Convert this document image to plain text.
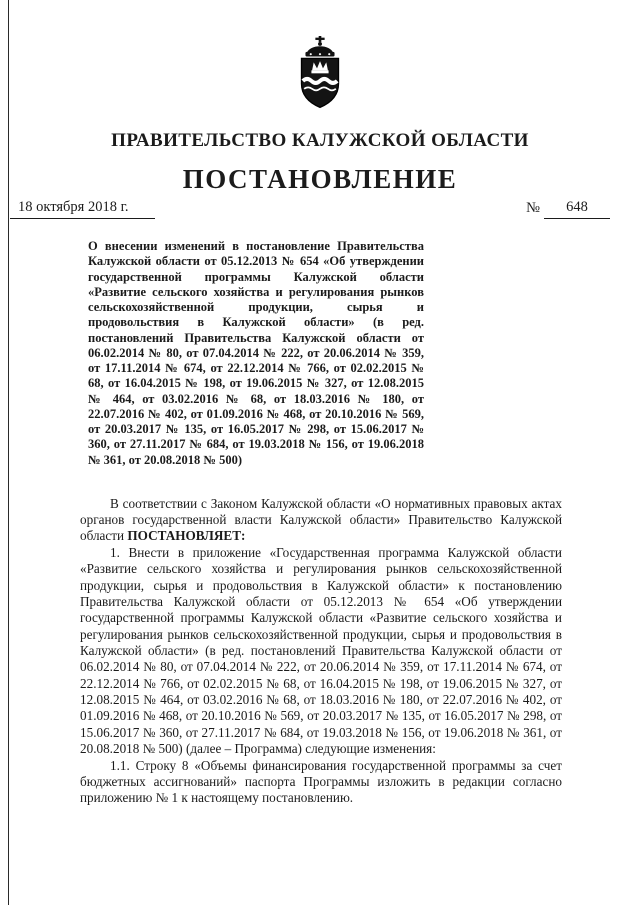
ПРАВИТЕЛЬСТВО КАЛУЖСКОЙ ОБЛАСТИ
ПОСТАНОВЛЕНИЕ
18 октября 2018 г.	№	648

О внесении изменений в постановление Правительства Калужской области от 05.12.2013 № 654 «Об утверждении государственной программы Калужской области «Развитие сельского хозяйства и регулирования рынков сельскохозяйственной продукции, сырья и продовольствия в Калужской области» (в ред. постановлений Правительства Калужской области от 06.02.2014 № 80, от 07.04.2014 № 222, от 20.06.2014 № 359, от 17.11.2014 № 674, от 22.12.2014 № 766, от 02.02.2015 № 68, от 16.04.2015 № 198, от 19.06.2015 № 327, от 12.08.2015 № 464, от 03.02.2016 № 68, от 18.03.2016 № 180, от 22.07.2016 № 402, от 01.09.2016 № 468, от 20.10.2016 № 569, от 20.03.2017 № 135, от 16.05.2017 № 298, от 15.06.2017 № 360, от 27.11.2017 № 684, от 19.03.2018 № 156, от 19.06.2018 № 361, от 20.08.2018 № 500)

В соответствии с Законом Калужской области «О нормативных правовых актах органов государственной власти Калужской области» Правительство Калужской области ПОСТАНОВЛЯЕТ:

1. Внести в приложение «Государственная программа Калужской области «Развитие сельского хозяйства и регулирования рынков сельскохозяйственной продукции, сырья и продовольствия в Калужской области» к постановлению Правительства Калужской области от 05.12.2013 № 654 «Об утверждении государственной программы Калужской области «Развитие сельского хозяйства и регулирования рынков сельскохозяйственной продукции, сырья и продовольствия в Калужской области» (в ред. постановлений Правительства Калужской области от 06.02.2014 № 80, от 07.04.2014 № 222, от 20.06.2014 № 359, от 17.11.2014 № 674, от 22.12.2014 № 766, от 02.02.2015 № 68, от 16.04.2015 № 198, от 19.06.2015 № 327, от 12.08.2015 № 464, от 03.02.2016 № 68, от 18.03.2016 № 180, от 22.07.2016 № 402, от 01.09.2016 № 468, от 20.10.2016 № 569, от 20.03.2017 № 135, от 16.05.2017 № 298, от 15.06.2017 № 360, от 27.11.2017 № 684, от 19.03.2018 № 156, от 19.06.2018 № 361, от 20.08.2018 № 500) (далее – Программа) следующие изменения:

1.1. Строку 8 «Объемы финансирования государственной программы за счет бюджетных ассигнований» паспорта Программы изложить в редакции согласно приложению № 1 к настоящему постановлению.
